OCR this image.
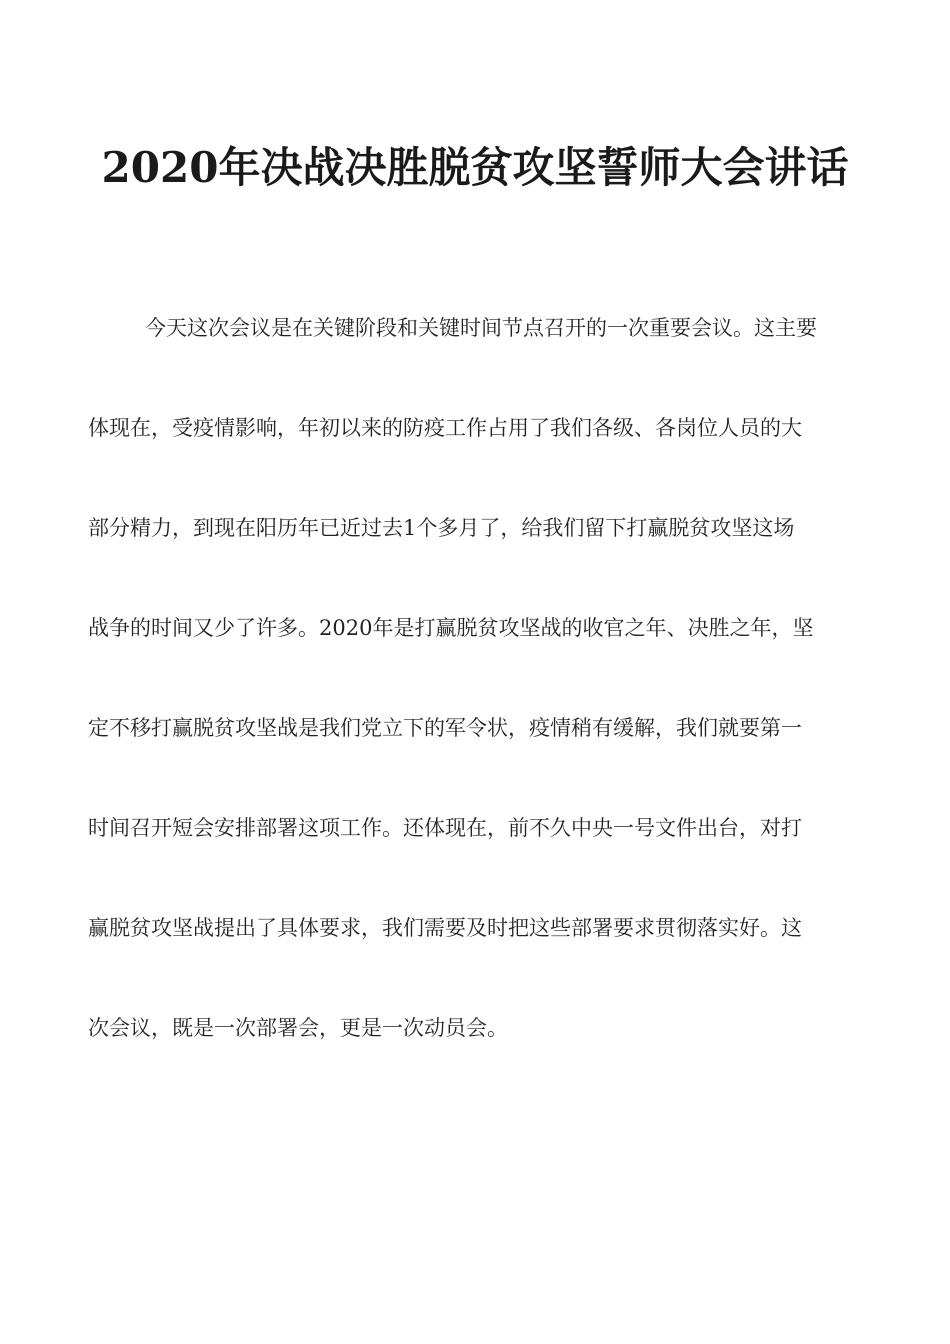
2020年决战决胜脱贫攻坚誓师大会讲话
今天这次会议是在关键阶段和关键时间节点召开的一次重要会议。这主要
体现在，受疫情影响，年初以来的防疫工作占用了我们各级、各岗位人员的大
部分精力，到现在阳历年已近过去1个多月了，给我们留下打赢脱贫攻坚这场
战争的时间又少了许多。2020年是打赢脱贫攻坚战的收官之年、决胜之年，坚
定不移打赢脱贫攻坚战是我们党立下的军令状，疫情稍有缓解，我们就要第一
时间召开短会安排部署这项工作。还体现在，前不久中央一号文件出台，对打
赢脱贫攻坚战提出了具体要求，我们需要及时把这些部署要求贯彻落实好。这
次会议，既是一次部署会，更是一次动员会。
